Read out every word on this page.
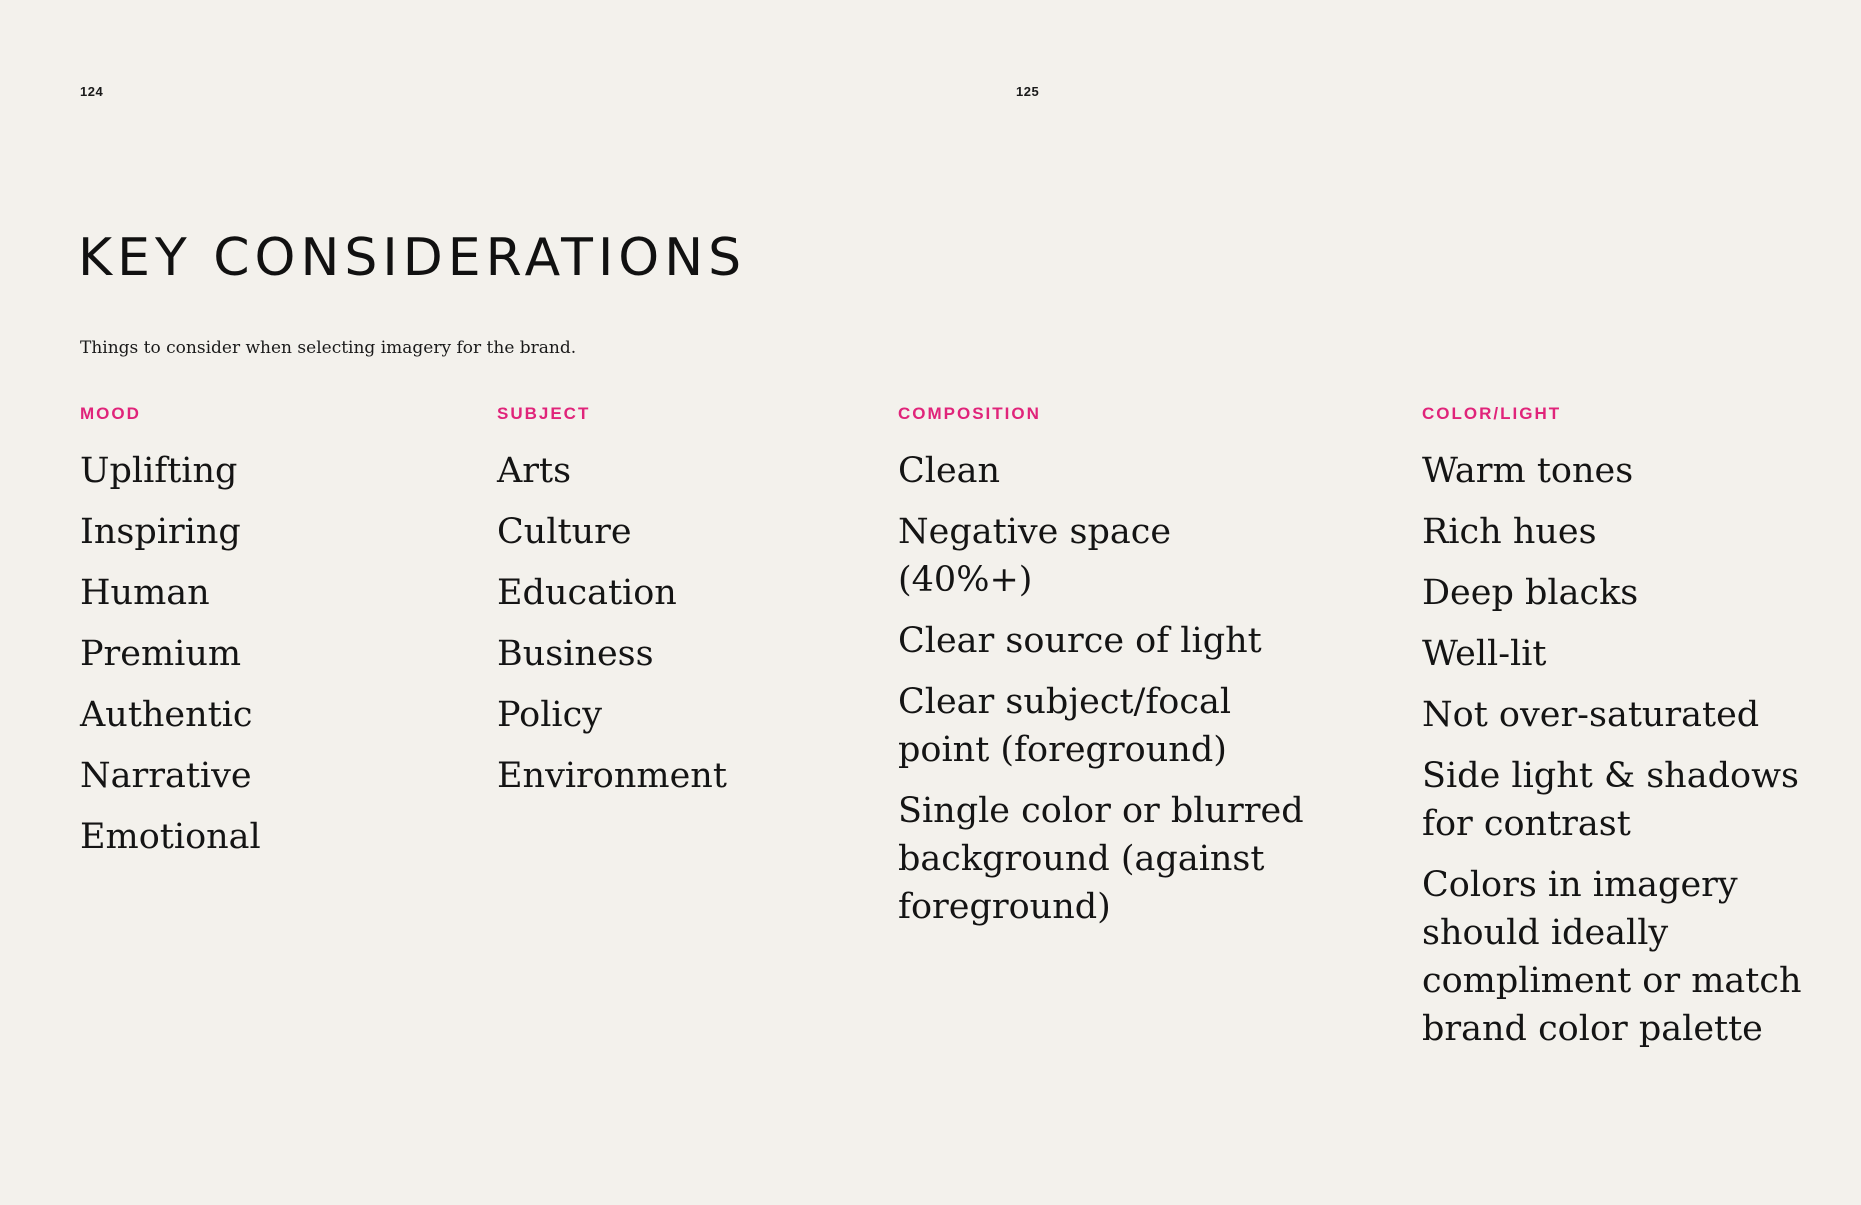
124	125
KEY CONSIDERATIONS

Things to consider when selecting imagery for the brand.

MOOD
Uplifting
Inspiring
Human
Premium
Authentic
Narrative
Emotional
SUBJECT
Arts
Culture
Education
Business
Policy
Environment
COMPOSITION
Clean
Negative space (40%+)
Clear source of light
Clear subject/focal point (foreground)
Single color or blurred background (against foreground)
COLOR/LIGHT
Warm tones
Rich hues
Deep blacks
Well-lit
Not over-saturated
Side light & shadows for contrast
Colors in imagery should ideally compliment or match brand color palette
